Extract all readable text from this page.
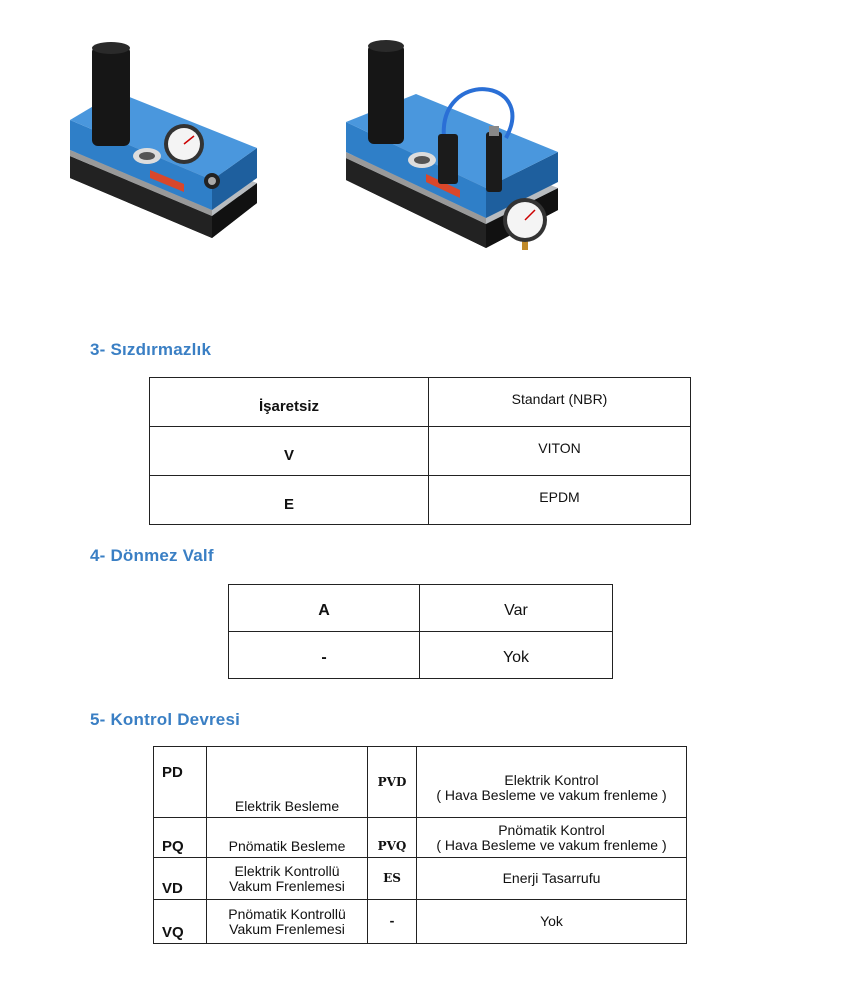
3- Sızdırmazlık
İşaretsiz	Standart (NBR)
V	VITON
E	EPDM
4- Dönmez Valf
A	Var
-	Yok
5- Kontrol Devresi
PD	Elektrik Besleme	PVD	Elektrik Kontrol
( Hava Besleme ve vakum frenleme )

PQ	Pnömatik Besleme	PVQ	Pnömatik Kontrol
( Hava Besleme ve vakum frenleme )

VD	Elektrik Kontrollü
Vakum Frenlemesi	ES	Enerji Tasarrufu
VQ	Pnömatik Kontrollü
Vakum Frenlemesi	-	Yok
